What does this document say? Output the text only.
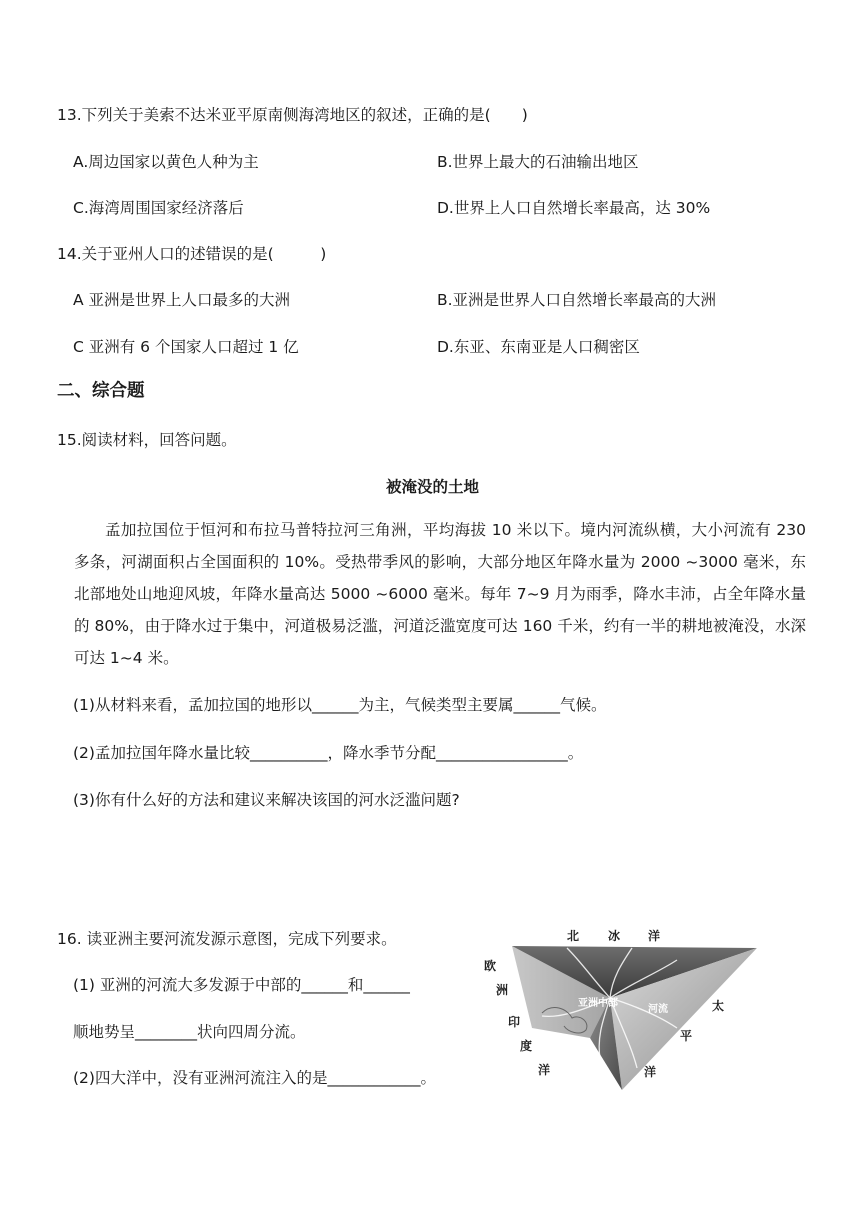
13.下列关于美索不达米亚平原南侧海湾地区的叙述，正确的是(　　)
A.周边国家以黄色人种为主	B.世界上最大的石油输出地区
C.海湾周围国家经济落后	D.世界上人口自然增长率最高，达 30%
14.关于亚州人口的述错误的是(　　　)
A 亚洲是世界上人口最多的大洲	B.亚洲是世界人口自然增长率最高的大洲
C 亚洲有 6 个国家人口超过 1 亿	D.东亚、东南亚是人口稠密区
二、综合题
15.阅读材料，回答问题。
被淹没的土地
孟加拉国位于恒河和布拉马普特拉河三角洲，平均海拔 10 米以下。境内河流纵横，大小河流有 230 多条，河湖面积占全国面积的 10%。受热带季风的影响，大部分地区年降水量为 2000 ~3000 毫米，东北部地处山地迎风坡，年降水量高达 5000 ~6000 毫米。每年 7~9 月为雨季，降水丰沛，占全年降水量的 80%，由于降水过于集中，河道极易泛滥，河道泛滥宽度可达 160 千米，约有一半的耕地被淹没，水深可达 1~4 米。
(1)从材料来看，孟加拉国的地形以______为主，气候类型主要属______气候。
(2)孟加拉国年降水量比较__________，降水季节分配_________________。
(3)你有什么好的方法和建议来解决该国的河水泛滥问题?
16. 读亚洲主要河流发源示意图，完成下列要求。
(1) 亚洲的河流大多发源于中部的______和______
顺地势呈________状向四周分流。
(2)四大洋中，没有亚洲河流注入的是____________。
北 冰 洋
欧
洲
印
度
洋
太
平
洋
亚洲中部
河流
